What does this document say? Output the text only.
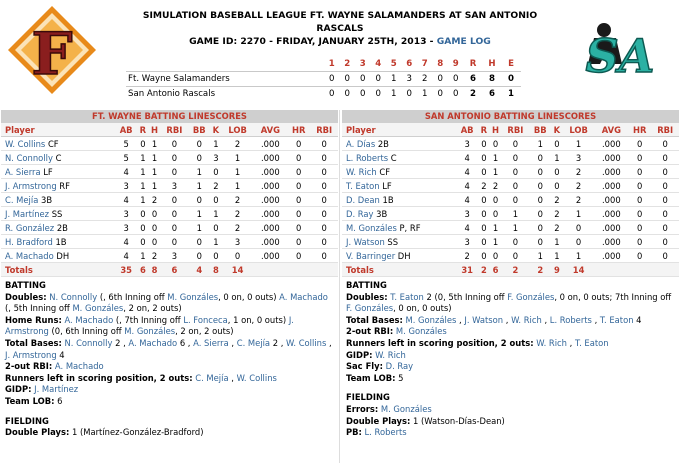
F	SA
SIMULATION BASEBALL LEAGUE FT. WAYNE SALAMANDERS AT SAN ANTONIO
RASCALS
GAME ID: 2270 - FRIDAY, JANUARY 25TH, 2013 - GAME LOG
	1	2	3	4	5	6	7	8	9	R	H	E
Ft. Wayne Salamanders	0	0	0	0	1	3	2	0	0	6	8	0
San Antonio Rascals	0	0	0	0	1	0	1	0	0	2	6	1
FT. WAYNE BATTING LINESCORES
Player	AB	R	H	RBI	BB	K	LOB	AVG	HR	RBI
W. Collins CF	5	0	1	0	0	1	2	.000	0	0
N. Connolly C	5	1	1	0	0	3	1	.000	0	0
A. Sierra LF	4	1	1	0	1	0	1	.000	0	0
J. Armstrong RF	3	1	1	3	1	2	1	.000	0	0
C. Mejía 3B	4	1	2	0	0	0	2	.000	0	0
J. Martínez SS	3	0	0	0	1	1	2	.000	0	0
R. González 2B	3	0	0	0	1	0	2	.000	0	0
H. Bradford 1B	4	0	0	0	0	1	3	.000	0	0
A. Machado DH	4	1	2	3	0	0	0	.000	0	0
Totals	35	6	8	6	4	8	14			
BATTING
Doubles: N. Connolly (, 6th Inning off M. Gonzáles, 0 on, 0 outs) A. Machado (, 5th Inning off M. Gonzáles, 2 on, 2 outs)
Home Runs: A. Machado (, 7th Inning off L. Fonceca, 1 on, 0 outs) J. Armstrong (0, 6th Inning off M. Gonzáles, 2 on, 2 outs)
Total Bases: N. Connolly 2 , A. Machado 6 , A. Sierra , C. Mejía 2 , W. Collins , J. Armstrong 4
2-out RBI: A. Machado
Runners left in scoring position, 2 outs: C. Mejía , W. Collins
GIDP: J. Martínez
Team LOB: 6
FIELDING
Double Plays: 1 (Martínez-González-Bradford)
SAN ANTONIO BATTING LINESCORES
Player	AB	R	H	RBI	BB	K	LOB	AVG	HR	RBI
A. Días 2B	3	0	0	0	1	0	1	.000	0	0
L. Roberts C	4	0	1	0	0	1	3	.000	0	0
W. Rich CF	4	0	1	0	0	0	2	.000	0	0
T. Eaton LF	4	2	2	0	0	0	2	.000	0	0
D. Dean 1B	4	0	0	0	0	2	2	.000	0	0
D. Ray 3B	3	0	0	1	0	2	1	.000	0	0
M. Gonzáles P, RF	4	0	1	1	0	2	0	.000	0	0
J. Watson SS	3	0	1	0	0	1	0	.000	0	0
V. Barringer DH	2	0	0	0	1	1	1	.000	0	0
Totals	31	2	6	2	2	9	14			
BATTING
Doubles: T. Eaton 2 (0, 5th Inning off F. Gonzáles, 0 on, 0 outs; 7th Inning off F. Gonzáles, 0 on, 0 outs)
Total Bases: M. Gonzáles , J. Watson , W. Rich , L. Roberts , T. Eaton 4
2-out RBI: M. Gonzáles
Runners left in scoring position, 2 outs: W. Rich , T. Eaton
GIDP: W. Rich
Sac Fly: D. Ray
Team LOB: 5
FIELDING
Errors: M. Gonzáles
Double Plays: 1 (Watson-Días-Dean)
PB: L. Roberts
